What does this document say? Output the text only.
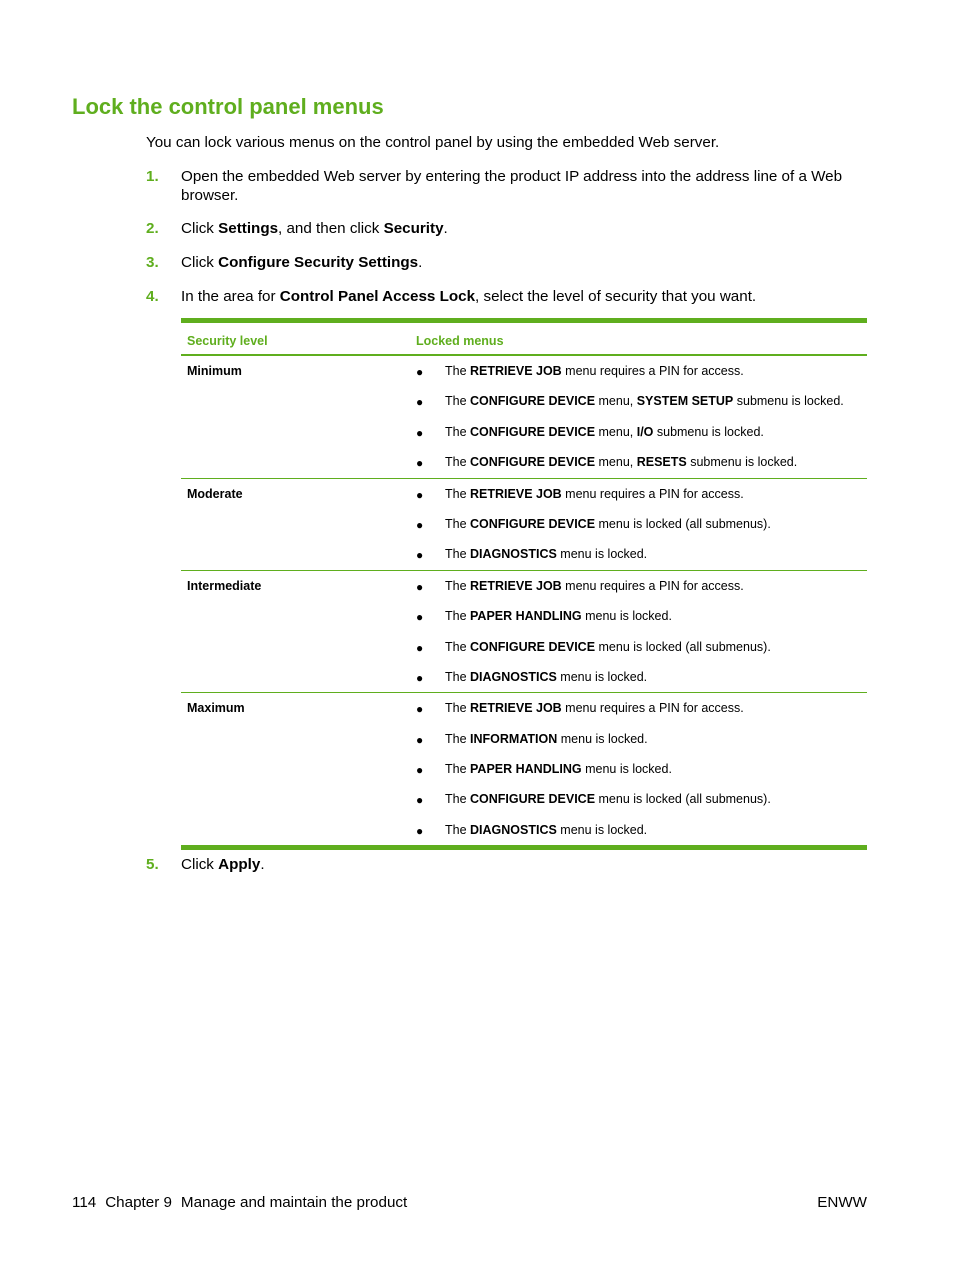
Lock the control panel menus
You can lock various menus on the control panel by using the embedded Web server.
1. Open the embedded Web server by entering the product IP address into the address line of a Web browser.
2. Click Settings, and then click Security.
3. Click Configure Security Settings.
4. In the area for Control Panel Access Lock, select the level of security that you want.
Security level	Locked menus
Minimum	● The RETRIEVE JOB menu requires a PIN for access.
● The CONFIGURE DEVICE menu, SYSTEM SETUP submenu is locked.
● The CONFIGURE DEVICE menu, I/O submenu is locked.
● The CONFIGURE DEVICE menu, RESETS submenu is locked.
Moderate	● The RETRIEVE JOB menu requires a PIN for access.
● The CONFIGURE DEVICE menu is locked (all submenus).
● The DIAGNOSTICS menu is locked.
Intermediate	● The RETRIEVE JOB menu requires a PIN for access.
● The PAPER HANDLING menu is locked.
● The CONFIGURE DEVICE menu is locked (all submenus).
● The DIAGNOSTICS menu is locked.
Maximum	● The RETRIEVE JOB menu requires a PIN for access.
● The INFORMATION menu is locked.
● The PAPER HANDLING menu is locked.
● The CONFIGURE DEVICE menu is locked (all submenus).
● The DIAGNOSTICS menu is locked.
5. Click Apply.
114 Chapter 9 Manage and maintain the product	ENWW
